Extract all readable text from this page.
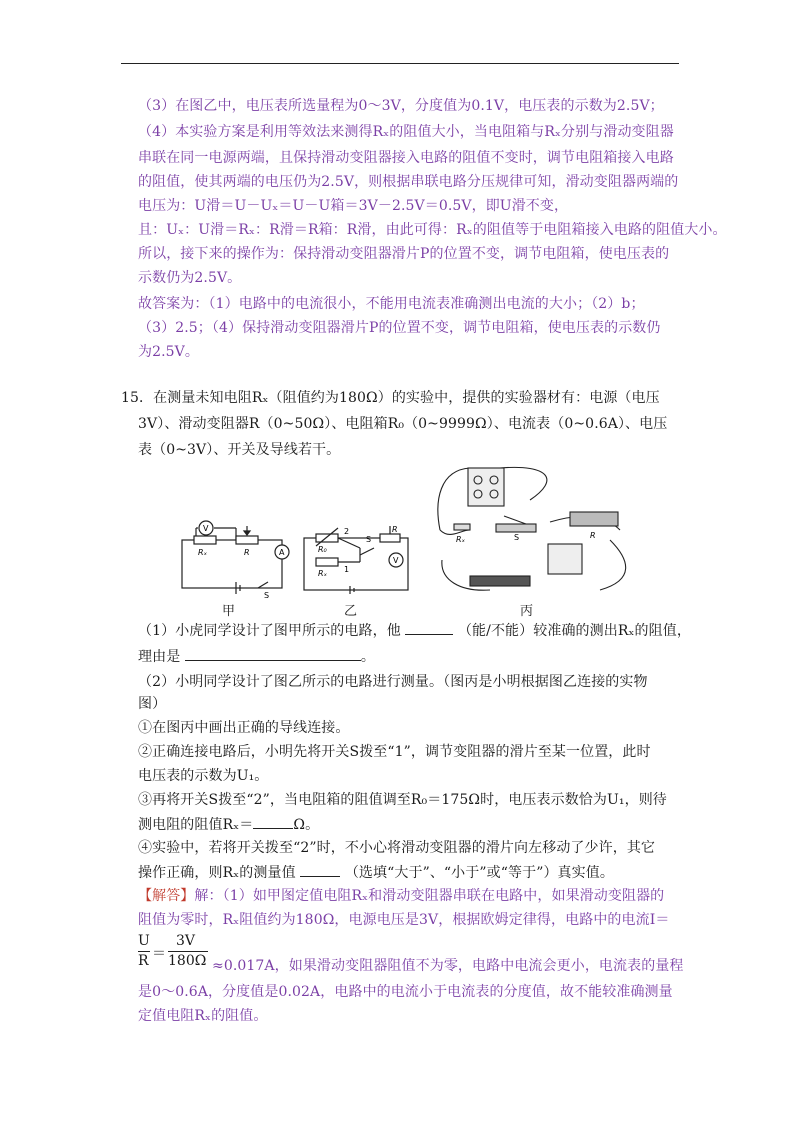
（3）在图乙中，电压表所选量程为0～3V，分度值为0.1V，电压表的示数为2.5V；
（4）本实验方案是利用等效法来测得Rₓ的阻值大小，当电阻箱与Rₓ分别与滑动变阻器
串联在同一电源两端，且保持滑动变阻器接入电路的阻值不变时，调节电阻箱接入电路
的阻值，使其两端的电压仍为2.5V，则根据串联电路分压规律可知，滑动变阻器两端的
电压为：U滑＝U－Uₓ＝U－U箱＝3V－2.5V＝0.5V，即U滑不变，
且：Uₓ：U滑＝Rₓ：R滑＝R箱：R滑，由此可得：Rₓ的阻值等于电阻箱接入电路的阻值大小。
所以，接下来的操作为：保持滑动变阻器滑片P的位置不变，调节电阻箱，使电压表的
示数仍为2.5V。
故答案为：（1）电路中的电流很小，不能用电流表准确测出电流的大小；（2）b；
（3）2.5；（4）保持滑动变阻器滑片P的位置不变，调节电阻箱，使电压表的示数仍
为2.5V。
15．在测量未知电阻Rₓ（阻值约为180Ω）的实验中，提供的实验器材有：电源（电压
3V）、滑动变阻器R（0~50Ω）、电阻箱R₀（0~9999Ω）、电流表（0~0.6A）、电压
表（0~3V）、开关及导线若干。
V
A
Rₓ	R
S
甲
2
1
R₀
Rₓ
S
R
V
乙
Rₓ	S	R
丙
（1）小虎同学设计了图甲所示的电路，他	（能/不能）较准确的测出Rₓ的阻值，
理由是	。
（2）小明同学设计了图乙所示的电路进行测量。（图丙是小明根据图乙连接的实物
图）
①在图丙中画出正确的导线连接。
②正确连接电路后，小明先将开关S拨至“1”，调节变阻器的滑片至某一位置，此时
电压表的示数为U₁。
③再将开关S拨至“2”，当电阻箱的阻值调至R₀＝175Ω时，电压表示数恰为U₁，则待
测电阻的阻值Rₓ＝	Ω。
④实验中，若将开关拨至“2”时，不小心将滑动变阻器的滑片向左移动了少许，其它
操作正确，则Rₓ的测量值	（选填“大于”、“小于”或“等于”）真实值。
【解答】解：（1）如甲图定值电阻Rₓ和滑动变阻器串联在电路中，如果滑动变阻器的
阻值为零时，Rₓ阻值约为180Ω，电源电压是3V，根据欧姆定律得，电路中的电流I＝
U
R ＝
3V
180Ω ≈0.017A，如果滑动变阻器阻值不为零，电路中电流会更小，电流表的量程
是0～0.6A，分度值是0.02A，电路中的电流小于电流表的分度值，故不能较准确测量
定值电阻Rₓ的阻值。
